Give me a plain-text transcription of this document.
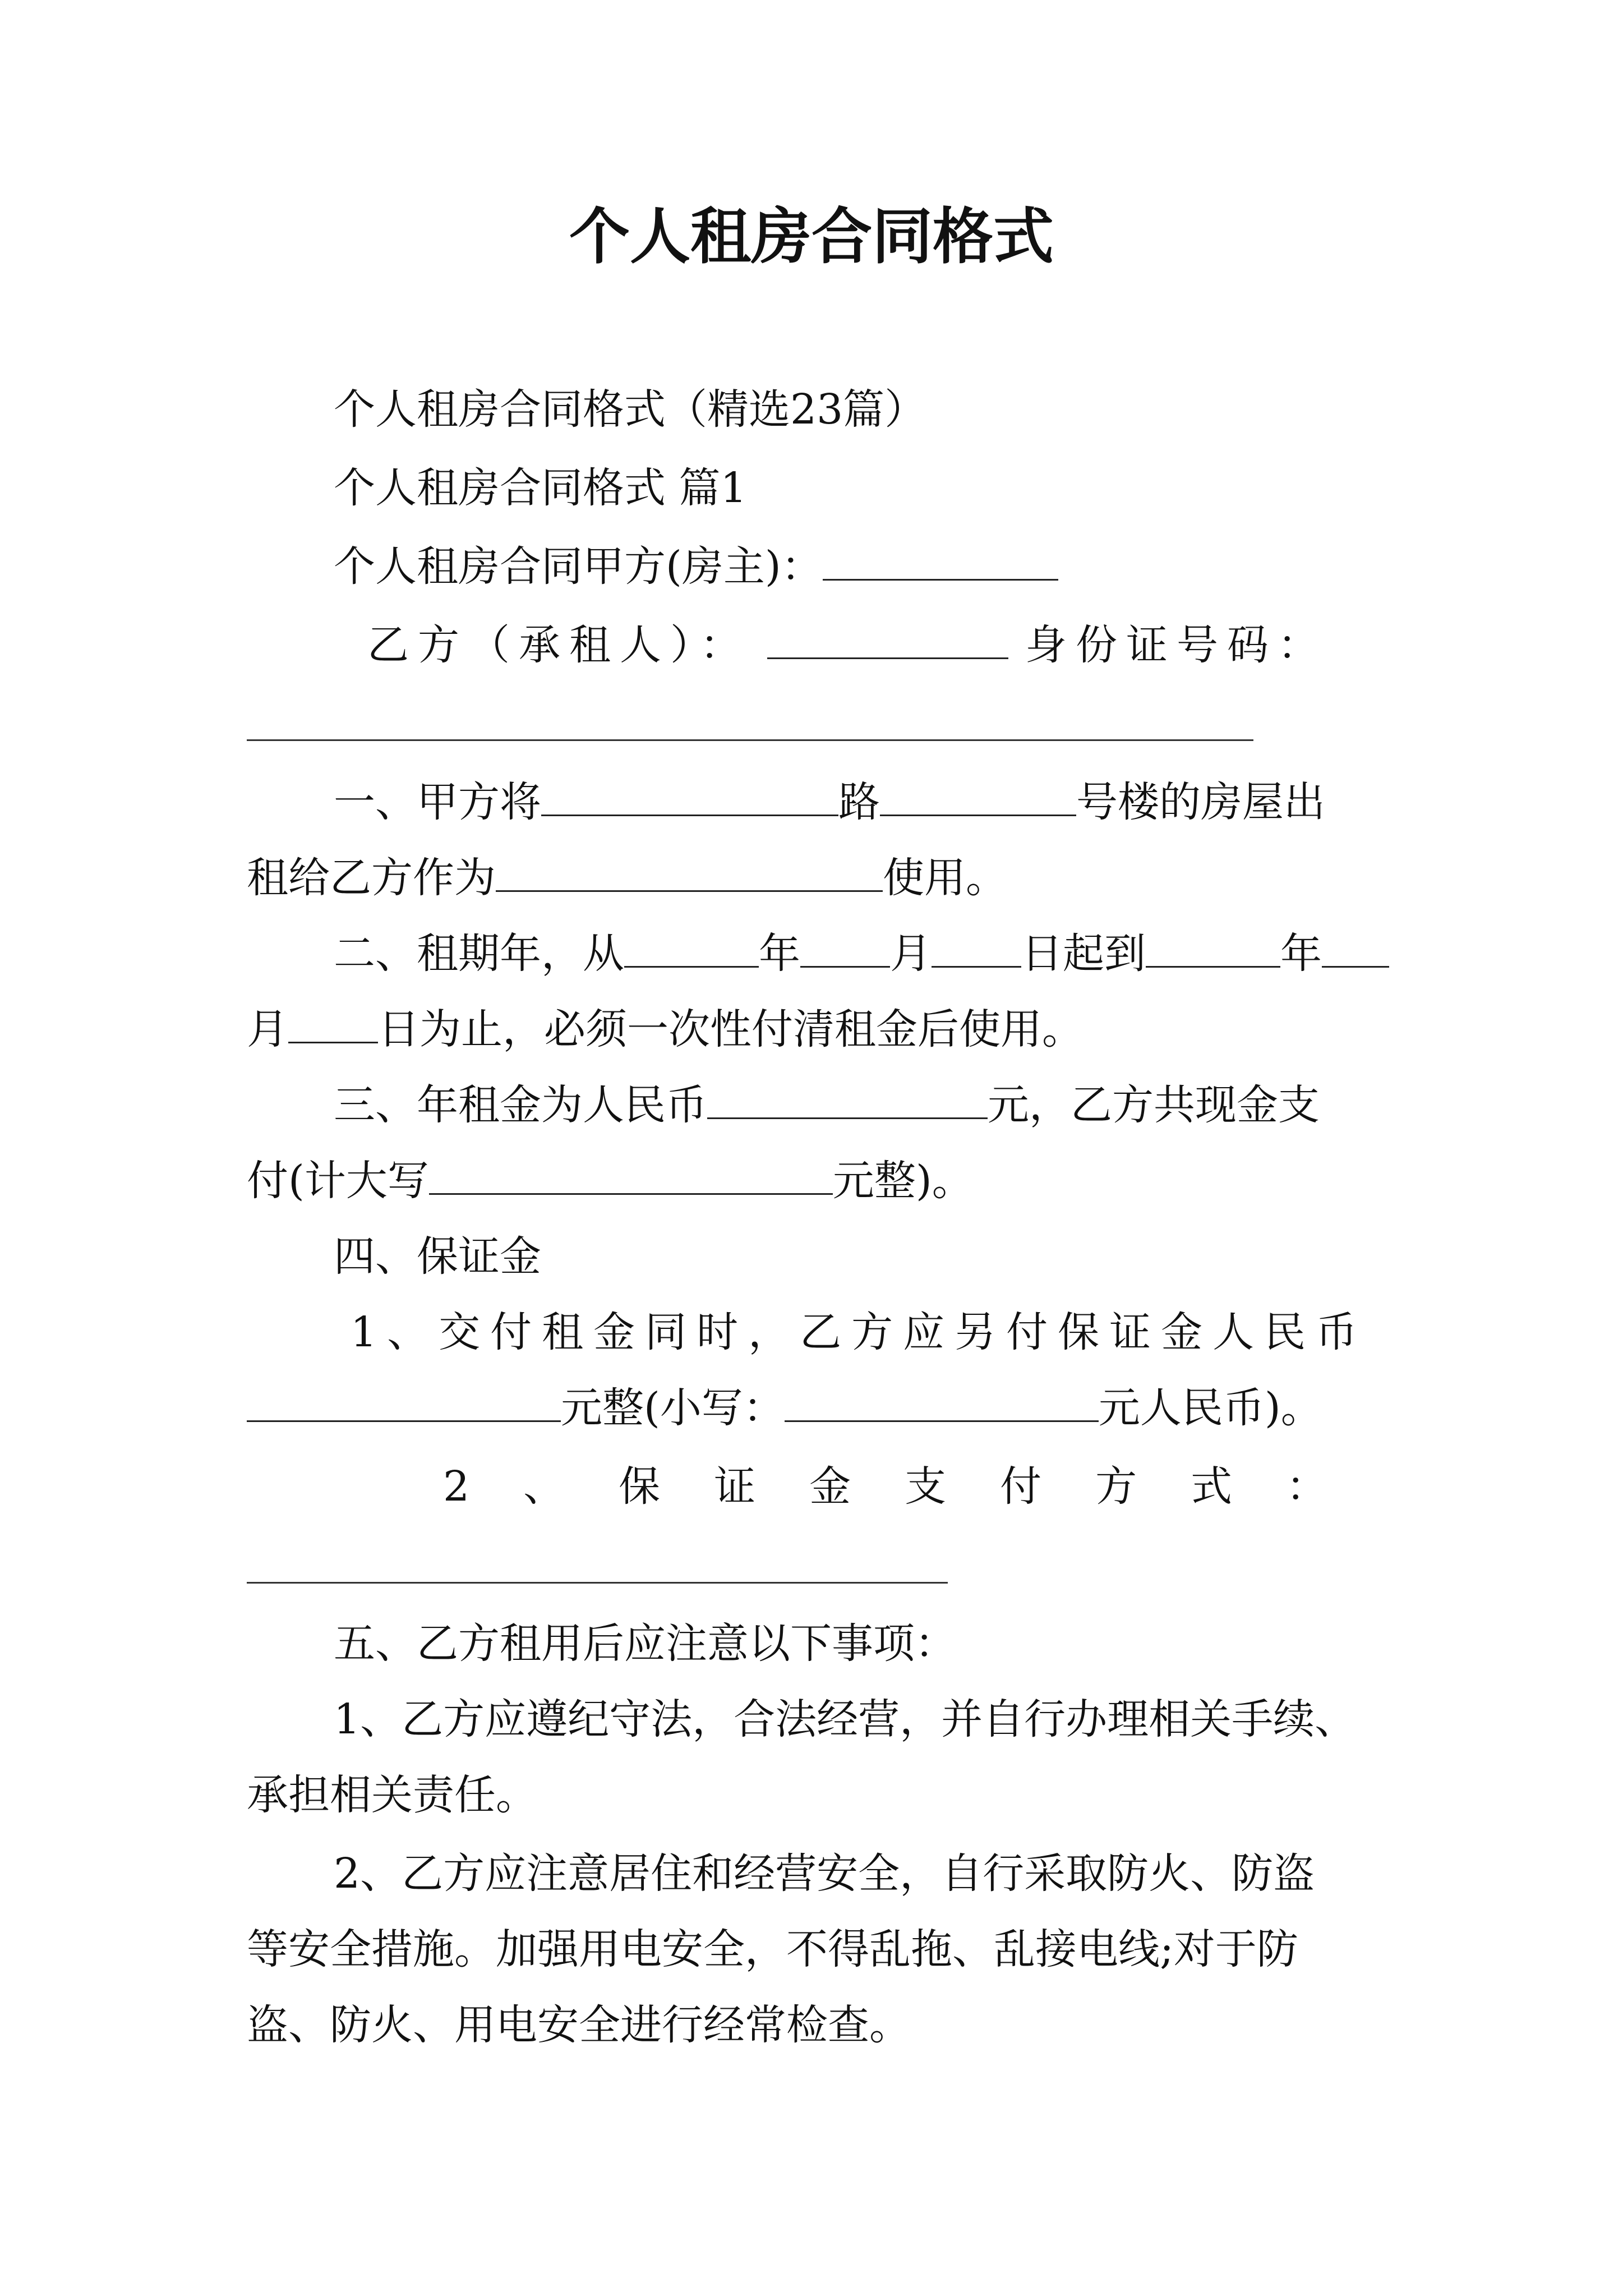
个人租房合同格式
个人租房合同格式（精选23篇）
个人租房合同格式 篇1
个人租房合同甲方(房主)：
乙方（承租人）：	身份证号码：
一、甲方将	路	号楼的房屋出
租给乙方作为	使用。
二、租期年，从	年 月 日起到	年
月 日为止，必须一次性付清租金后使用。
三、年租金为人民币	元，乙方共现金支
付(计大写	元整)。
四、保证金
1、交付租金同时，乙方应另付保证金人民币
元整(小写：	元人民币)。
2、保证金支付方式：
五、乙方租用后应注意以下事项：
1、乙方应遵纪守法，合法经营，并自行办理相关手续、
承担相关责任。
2、乙方应注意居住和经营安全，自行采取防火、防盗
等安全措施。加强用电安全，不得乱拖、乱接电线;对于防
盗、防火、用电安全进行经常检查。
